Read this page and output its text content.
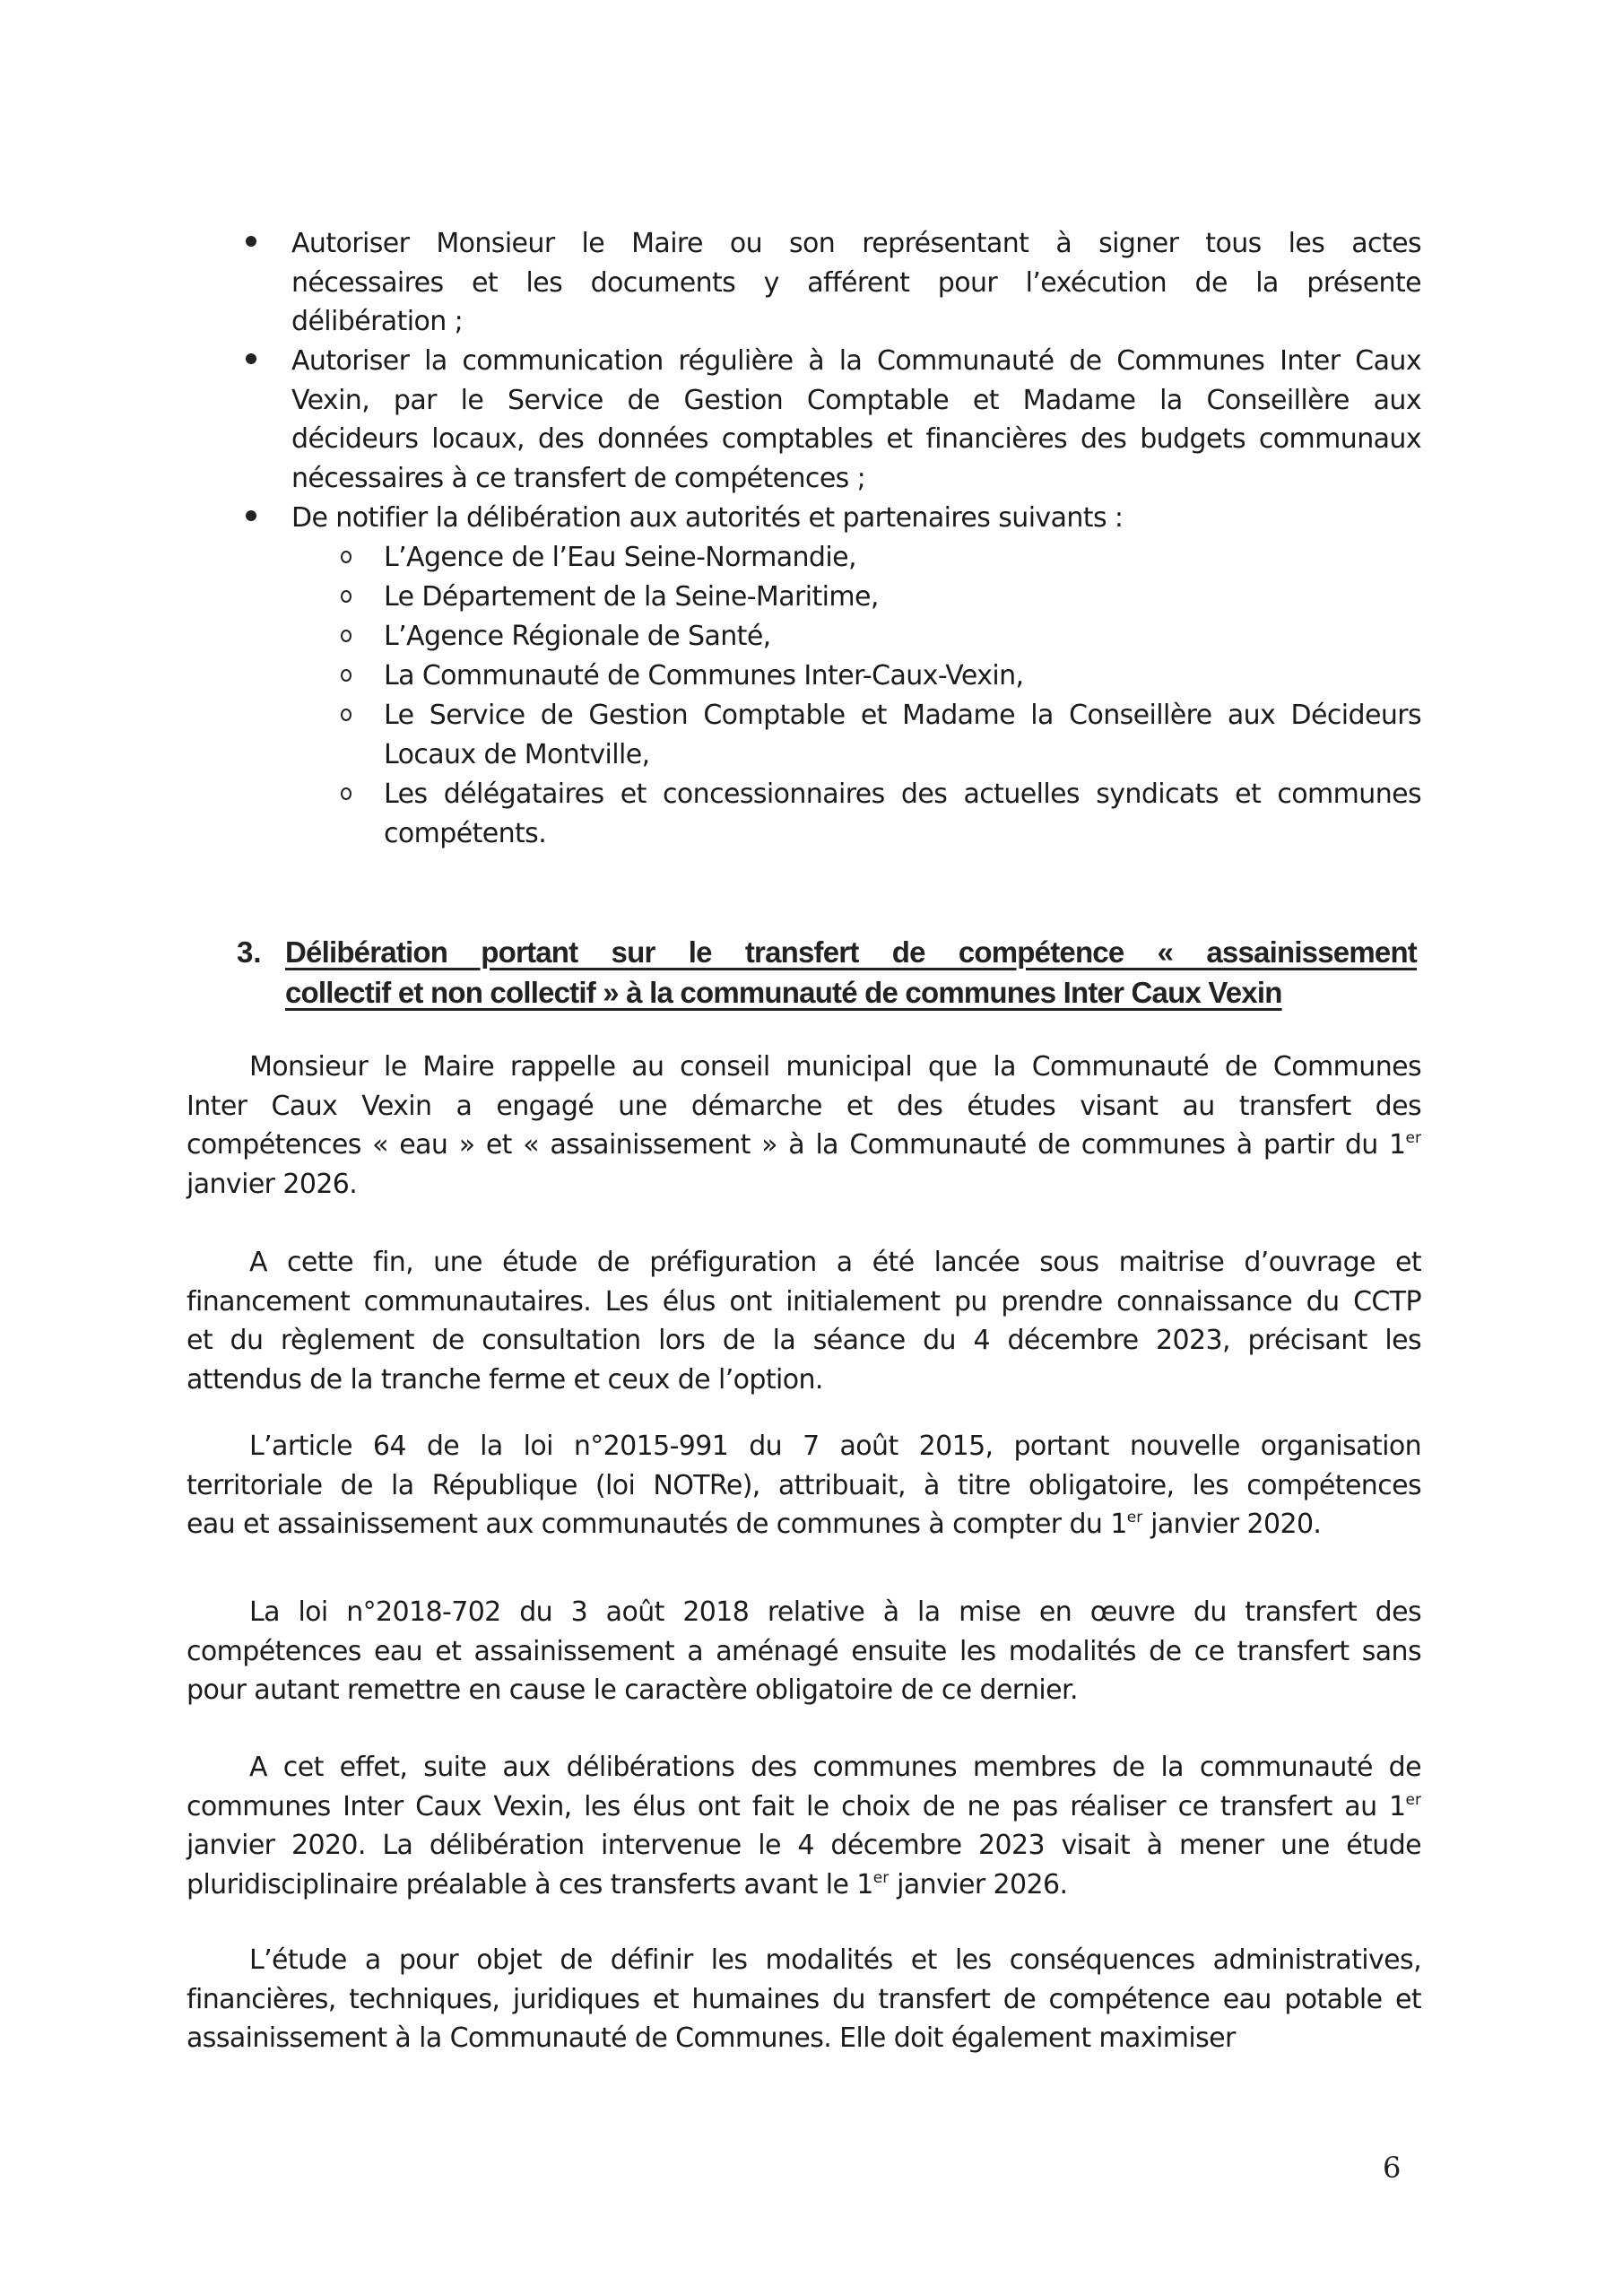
3. Délibération portant sur le transfert de compétence « assainissement
collectif et non collectif » à la communauté de communes Inter Caux Vexin
6
Autoriser Monsieur le Maire ou son représentant à signer tous les actes
nécessaires et les documents y afférent pour l’exécution de la présente
délibération ;
Autoriser la communication régulière à la Communauté de Communes Inter Caux
Vexin, par le Service de Gestion Comptable et Madame la Conseillère aux
décideurs locaux, des données comptables et financières des budgets communaux
nécessaires à ce transfert de compétences ;
De notifier la délibération aux autorités et partenaires suivants :
L’Agence de l’Eau Seine-Normandie,
Le Département de la Seine-Maritime,
L’Agence Régionale de Santé,
La Communauté de Communes Inter-Caux-Vexin,
Le Service de Gestion Comptable et Madame la Conseillère aux Décideurs
Locaux de Montville,
Les délégataires et concessionnaires des actuelles syndicats et communes
compétents.
Monsieur le Maire rappelle au conseil municipal que la Communauté de Communes
Inter Caux Vexin a engagé une démarche et des études visant au transfert des
compétences « eau » et « assainissement » à la Communauté de communes à partir du 1er
janvier 2026.
A cette fin, une étude de préfiguration a été lancée sous maitrise d’ouvrage et
financement communautaires. Les élus ont initialement pu prendre connaissance du CCTP
et du règlement de consultation lors de la séance du 4 décembre 2023, précisant les
attendus de la tranche ferme et ceux de l’option.
L’article 64 de la loi n°2015-991 du 7 août 2015, portant nouvelle organisation
territoriale de la République (loi NOTRe), attribuait, à titre obligatoire, les compétences
eau et assainissement aux communautés de communes à compter du 1er janvier 2020.
La loi n°2018-702 du 3 août 2018 relative à la mise en œuvre du transfert des
compétences eau et assainissement a aménagé ensuite les modalités de ce transfert sans
pour autant remettre en cause le caractère obligatoire de ce dernier.
A cet effet, suite aux délibérations des communes membres de la communauté de
communes Inter Caux Vexin, les élus ont fait le choix de ne pas réaliser ce transfert au 1er
janvier 2020. La délibération intervenue le 4 décembre 2023 visait à mener une étude
pluridisciplinaire préalable à ces transferts avant le 1er janvier 2026.
L’étude a pour objet de définir les modalités et les conséquences administratives,
financières, techniques, juridiques et humaines du transfert de compétence eau potable et
assainissement à la Communauté de Communes. Elle doit également maximiser
